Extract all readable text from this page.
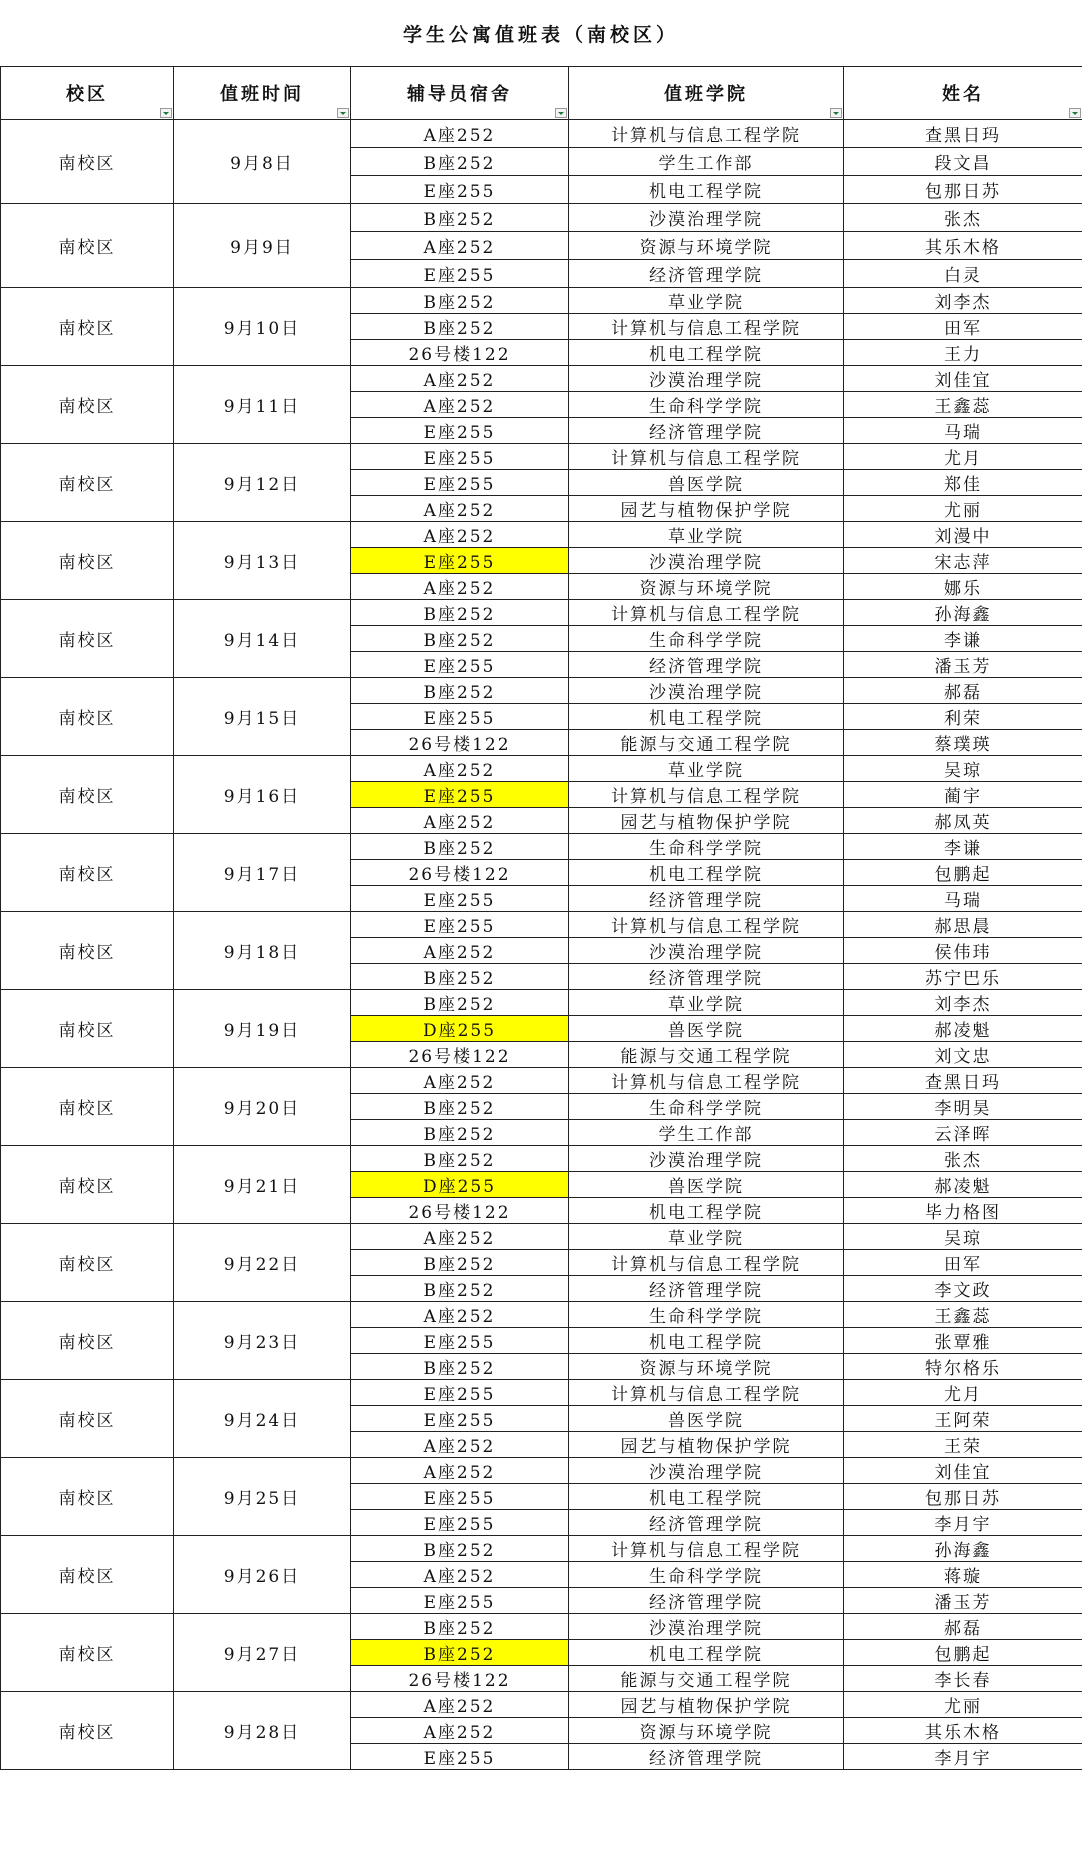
学生公寓值班表（南校区）
校区	值班时间	辅导员宿舍	值班学院	姓名

南校区	9月8日	A座252	计算机与信息工程学院	查黑日玛
		B座252	学生工作部	段文昌
		E座255	机电工程学院	包那日苏
南校区	9月9日	B座252	沙漠治理学院	张杰
		A座252	资源与环境学院	其乐木格
		E座255	经济管理学院	白灵
南校区	9月10日	B座252	草业学院	刘李杰
		B座252	计算机与信息工程学院	田军
		26号楼122	机电工程学院	王力
南校区	9月11日	A座252	沙漠治理学院	刘佳宜
		A座252	生命科学学院	王鑫蕊
		E座255	经济管理学院	马瑞
南校区	9月12日	E座255	计算机与信息工程学院	尤月
		E座255	兽医学院	郑佳
		A座252	园艺与植物保护学院	尤丽
南校区	9月13日	A座252	草业学院	刘漫中
		E座255	沙漠治理学院	宋志萍
		A座252	资源与环境学院	娜乐
南校区	9月14日	B座252	计算机与信息工程学院	孙海鑫
		B座252	生命科学学院	李谦
		E座255	经济管理学院	潘玉芳
南校区	9月15日	B座252	沙漠治理学院	郝磊
		E座255	机电工程学院	利荣
		26号楼122	能源与交通工程学院	蔡璞瑛
南校区	9月16日	A座252	草业学院	吴琼
		E座255	计算机与信息工程学院	蔺宇
		A座252	园艺与植物保护学院	郝凤英
南校区	9月17日	B座252	生命科学学院	李谦
		26号楼122	机电工程学院	包鹏起
		E座255	经济管理学院	马瑞
南校区	9月18日	E座255	计算机与信息工程学院	郝思晨
		A座252	沙漠治理学院	侯伟玮
		B座252	经济管理学院	苏宁巴乐
南校区	9月19日	B座252	草业学院	刘李杰
		D座255	兽医学院	郝凌魁
		26号楼122	能源与交通工程学院	刘文忠
南校区	9月20日	A座252	计算机与信息工程学院	查黑日玛
		B座252	生命科学学院	李明昊
		B座252	学生工作部	云泽晖
南校区	9月21日	B座252	沙漠治理学院	张杰
		D座255	兽医学院	郝凌魁
		26号楼122	机电工程学院	毕力格图
南校区	9月22日	A座252	草业学院	吴琼
		B座252	计算机与信息工程学院	田军
		B座252	经济管理学院	李文政
南校区	9月23日	A座252	生命科学学院	王鑫蕊
		E座255	机电工程学院	张覃雅
		B座252	资源与环境学院	特尔格乐
南校区	9月24日	E座255	计算机与信息工程学院	尤月
		E座255	兽医学院	王阿荣
		A座252	园艺与植物保护学院	王荣
南校区	9月25日	A座252	沙漠治理学院	刘佳宜
		E座255	机电工程学院	包那日苏
		E座255	经济管理学院	李月宇
南校区	9月26日	B座252	计算机与信息工程学院	孙海鑫
		A座252	生命科学学院	蒋璇
		E座255	经济管理学院	潘玉芳
南校区	9月27日	B座252	沙漠治理学院	郝磊
		B座252	机电工程学院	包鹏起
		26号楼122	能源与交通工程学院	李长春
南校区	9月28日	A座252	园艺与植物保护学院	尤丽
		A座252	资源与环境学院	其乐木格
		E座255	经济管理学院	李月宇
